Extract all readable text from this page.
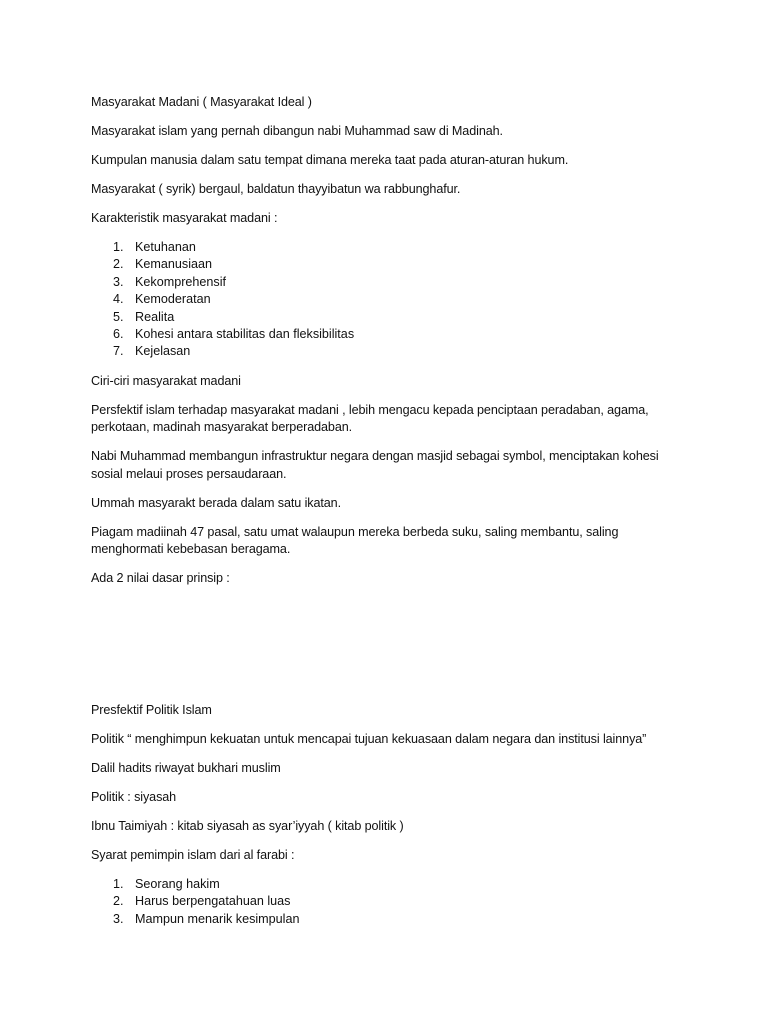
Masyarakat Madani ( Masyarakat Ideal )

Masyarakat islam yang pernah dibangun nabi Muhammad saw di Madinah.

Kumpulan manusia dalam satu tempat dimana mereka taat pada aturan-aturan hukum.

Masyarakat ( syrik) bergaul, baldatun thayyibatun wa rabbunghafur.

Karakteristik masyarakat madani :

1. Ketuhanan
2. Kemanusiaan
3. Kekomprehensif
4. Kemoderatan
5. Realita
6. Kohesi antara stabilitas dan fleksibilitas
7. Kejelasan

Ciri-ciri masyarakat madani

Persfektif islam terhadap masyarakat madani , lebih mengacu kepada penciptaan peradaban, agama, perkotaan, madinah masyarakat berperadaban.

Nabi Muhammad membangun infrastruktur negara dengan masjid sebagai symbol, menciptakan kohesi sosial melaui proses persaudaraan.

Ummah masyarakt berada dalam satu ikatan.

Piagam madiinah 47 pasal, satu umat walaupun mereka berbeda suku, saling membantu, saling menghormati kebebasan beragama.

Ada 2 nilai dasar prinsip :

Presfektif Politik Islam

Politik “ menghimpun kekuatan untuk mencapai tujuan kekuasaan dalam negara dan institusi lainnya”

Dalil hadits riwayat bukhari muslim

Politik : siyasah

Ibnu Taimiyah : kitab siyasah as syar’iyyah ( kitab politik )

Syarat pemimpin islam dari al farabi :

1. Seorang hakim
2. Harus berpengatahuan luas
3. Mampun menarik kesimpulan
